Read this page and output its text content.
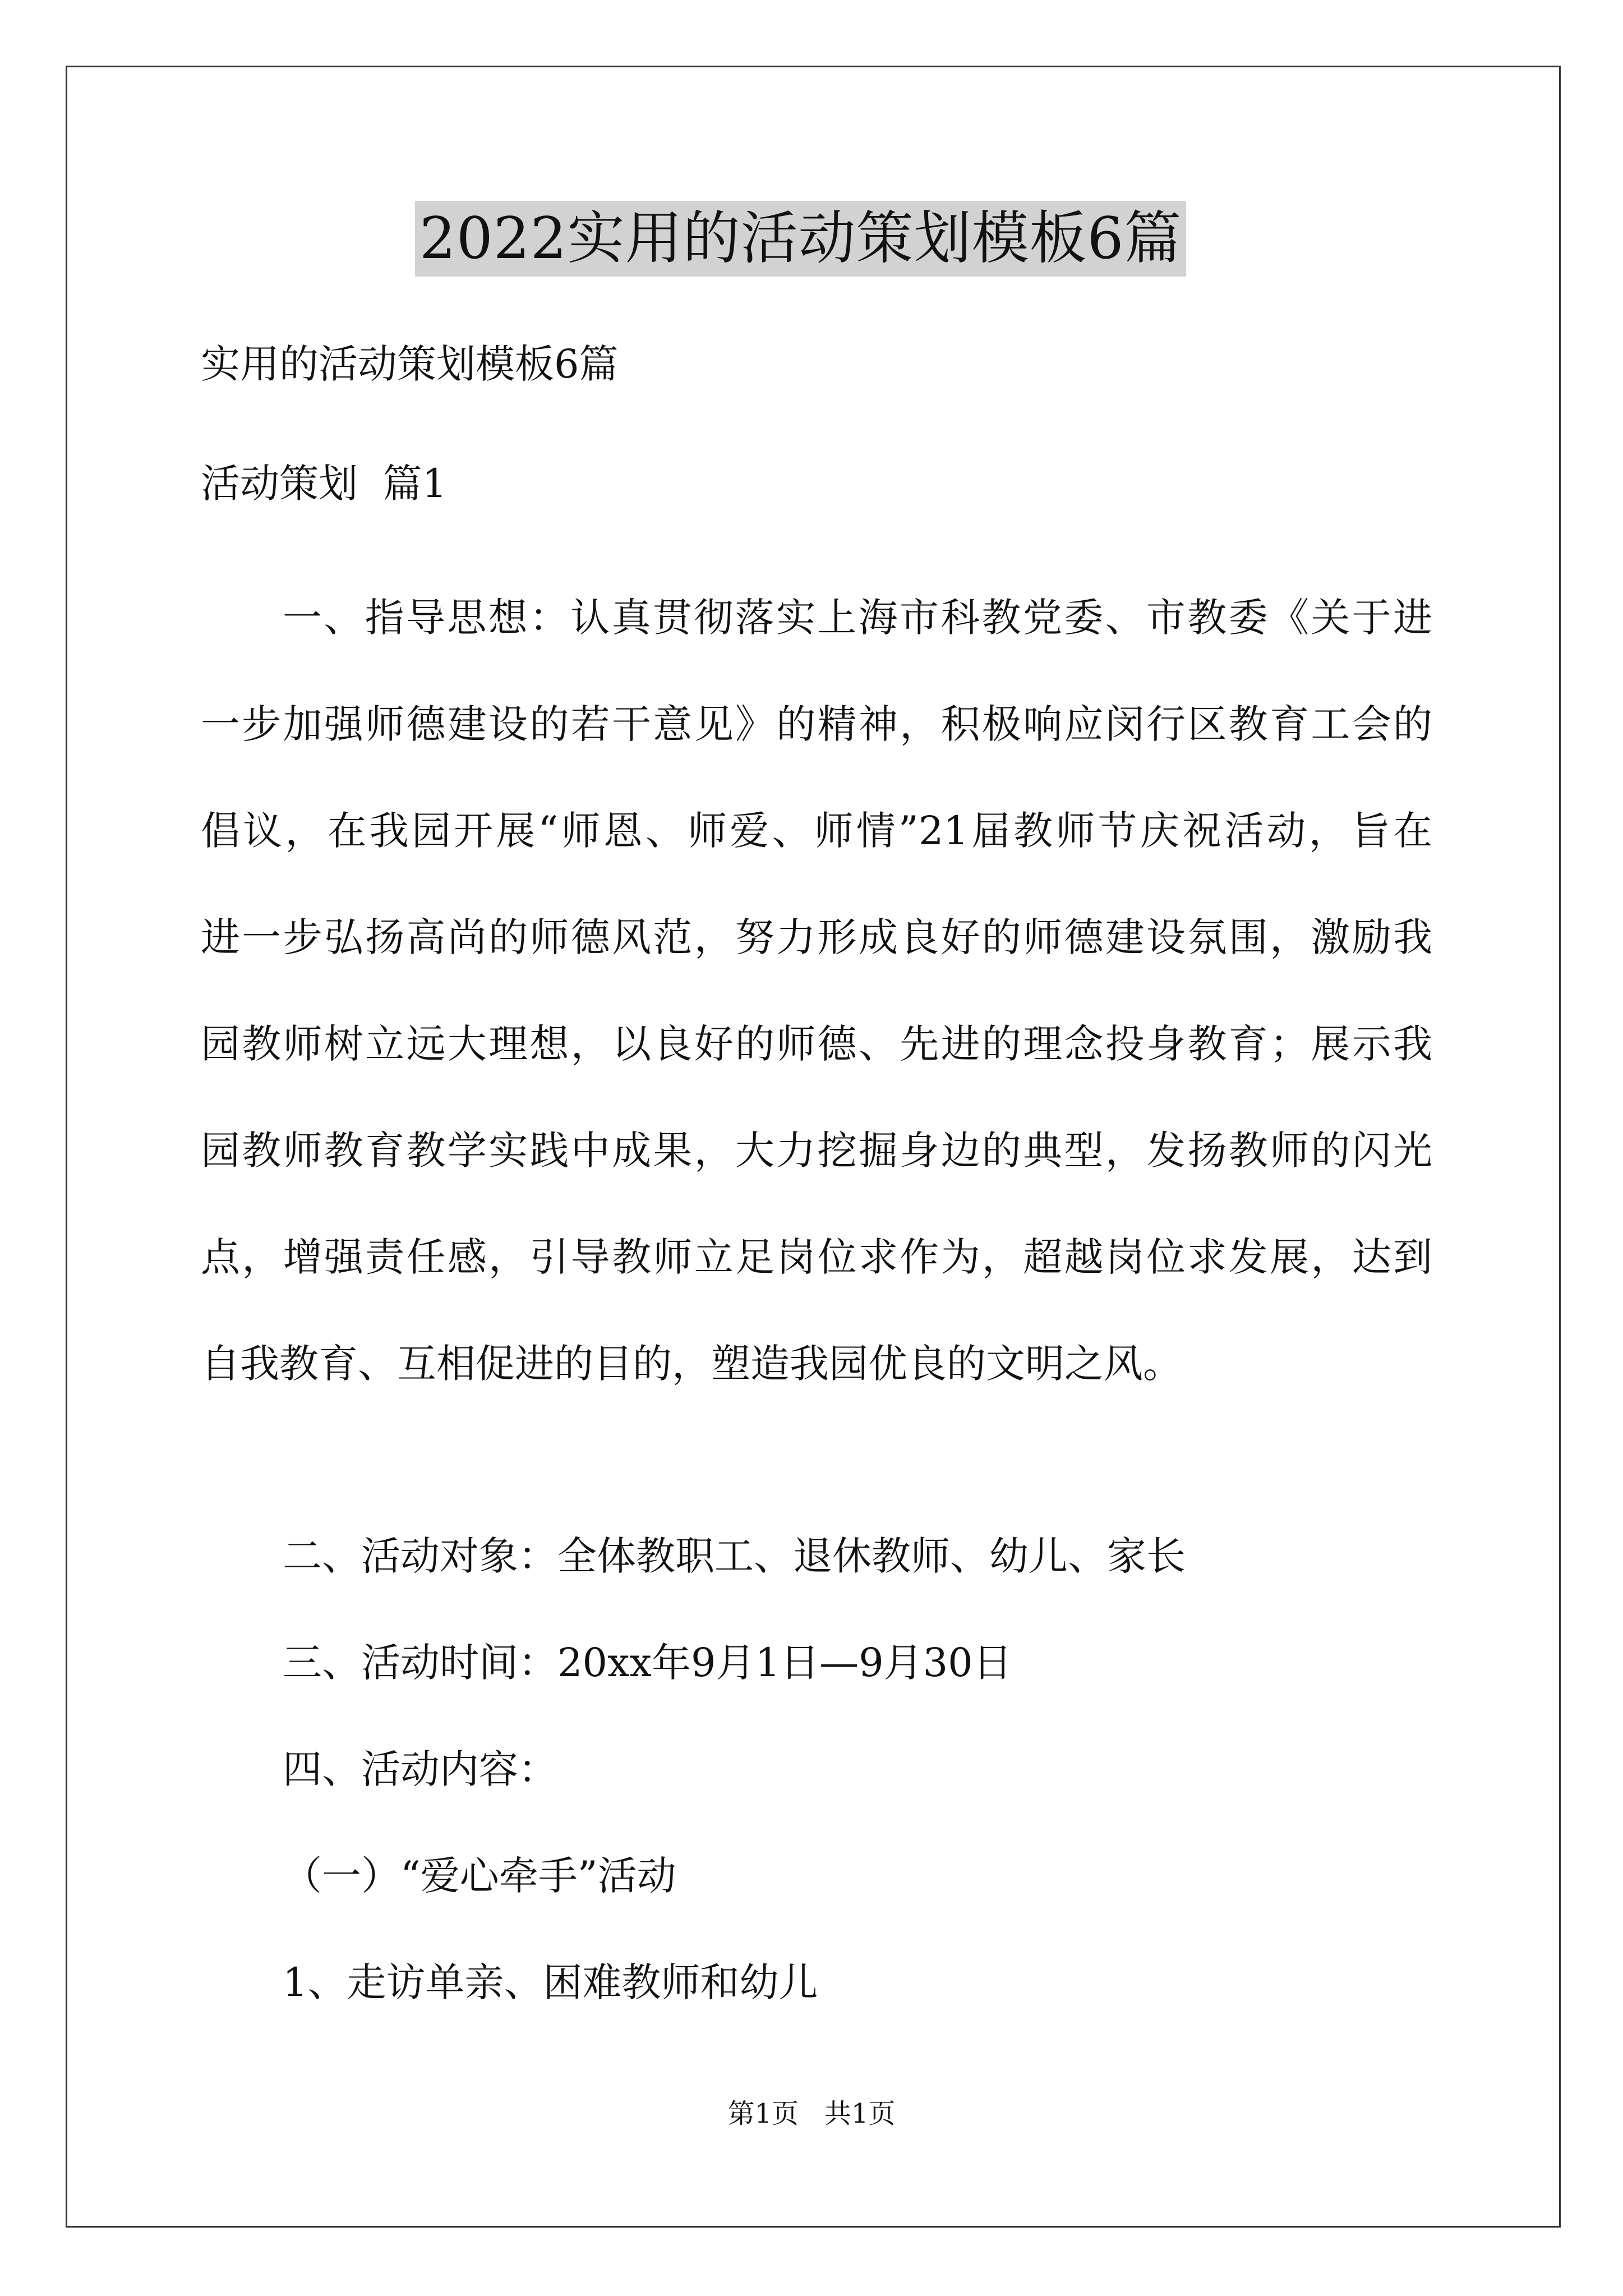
2022实用的活动策划模板6篇
实用的活动策划模板6篇
活动策划  篇1
一、指导思想：认真贯彻落实上海市科教党委、市教委《关于进
一步加强师德建设的若干意见》的精神，积极响应闵行区教育工会的
倡议，在我园开展“师恩、师爱、师情”21届教师节庆祝活动，旨在
进一步弘扬高尚的师德风范，努力形成良好的师德建设氛围，激励我
园教师树立远大理想，以良好的师德、先进的理念投身教育；展示我
园教师教育教学实践中成果，大力挖掘身边的典型，发扬教师的闪光
点，增强责任感，引导教师立足岗位求作为，超越岗位求发展，达到
自我教育、互相促进的目的，塑造我园优良的文明之风。
二、活动对象：全体教职工、退休教师、幼儿、家长
三、活动时间：20xx年9月1日—9月30日
四、活动内容：
（一）“爱心牵手”活动
1、走访单亲、困难教师和幼儿
第1页   共1页
